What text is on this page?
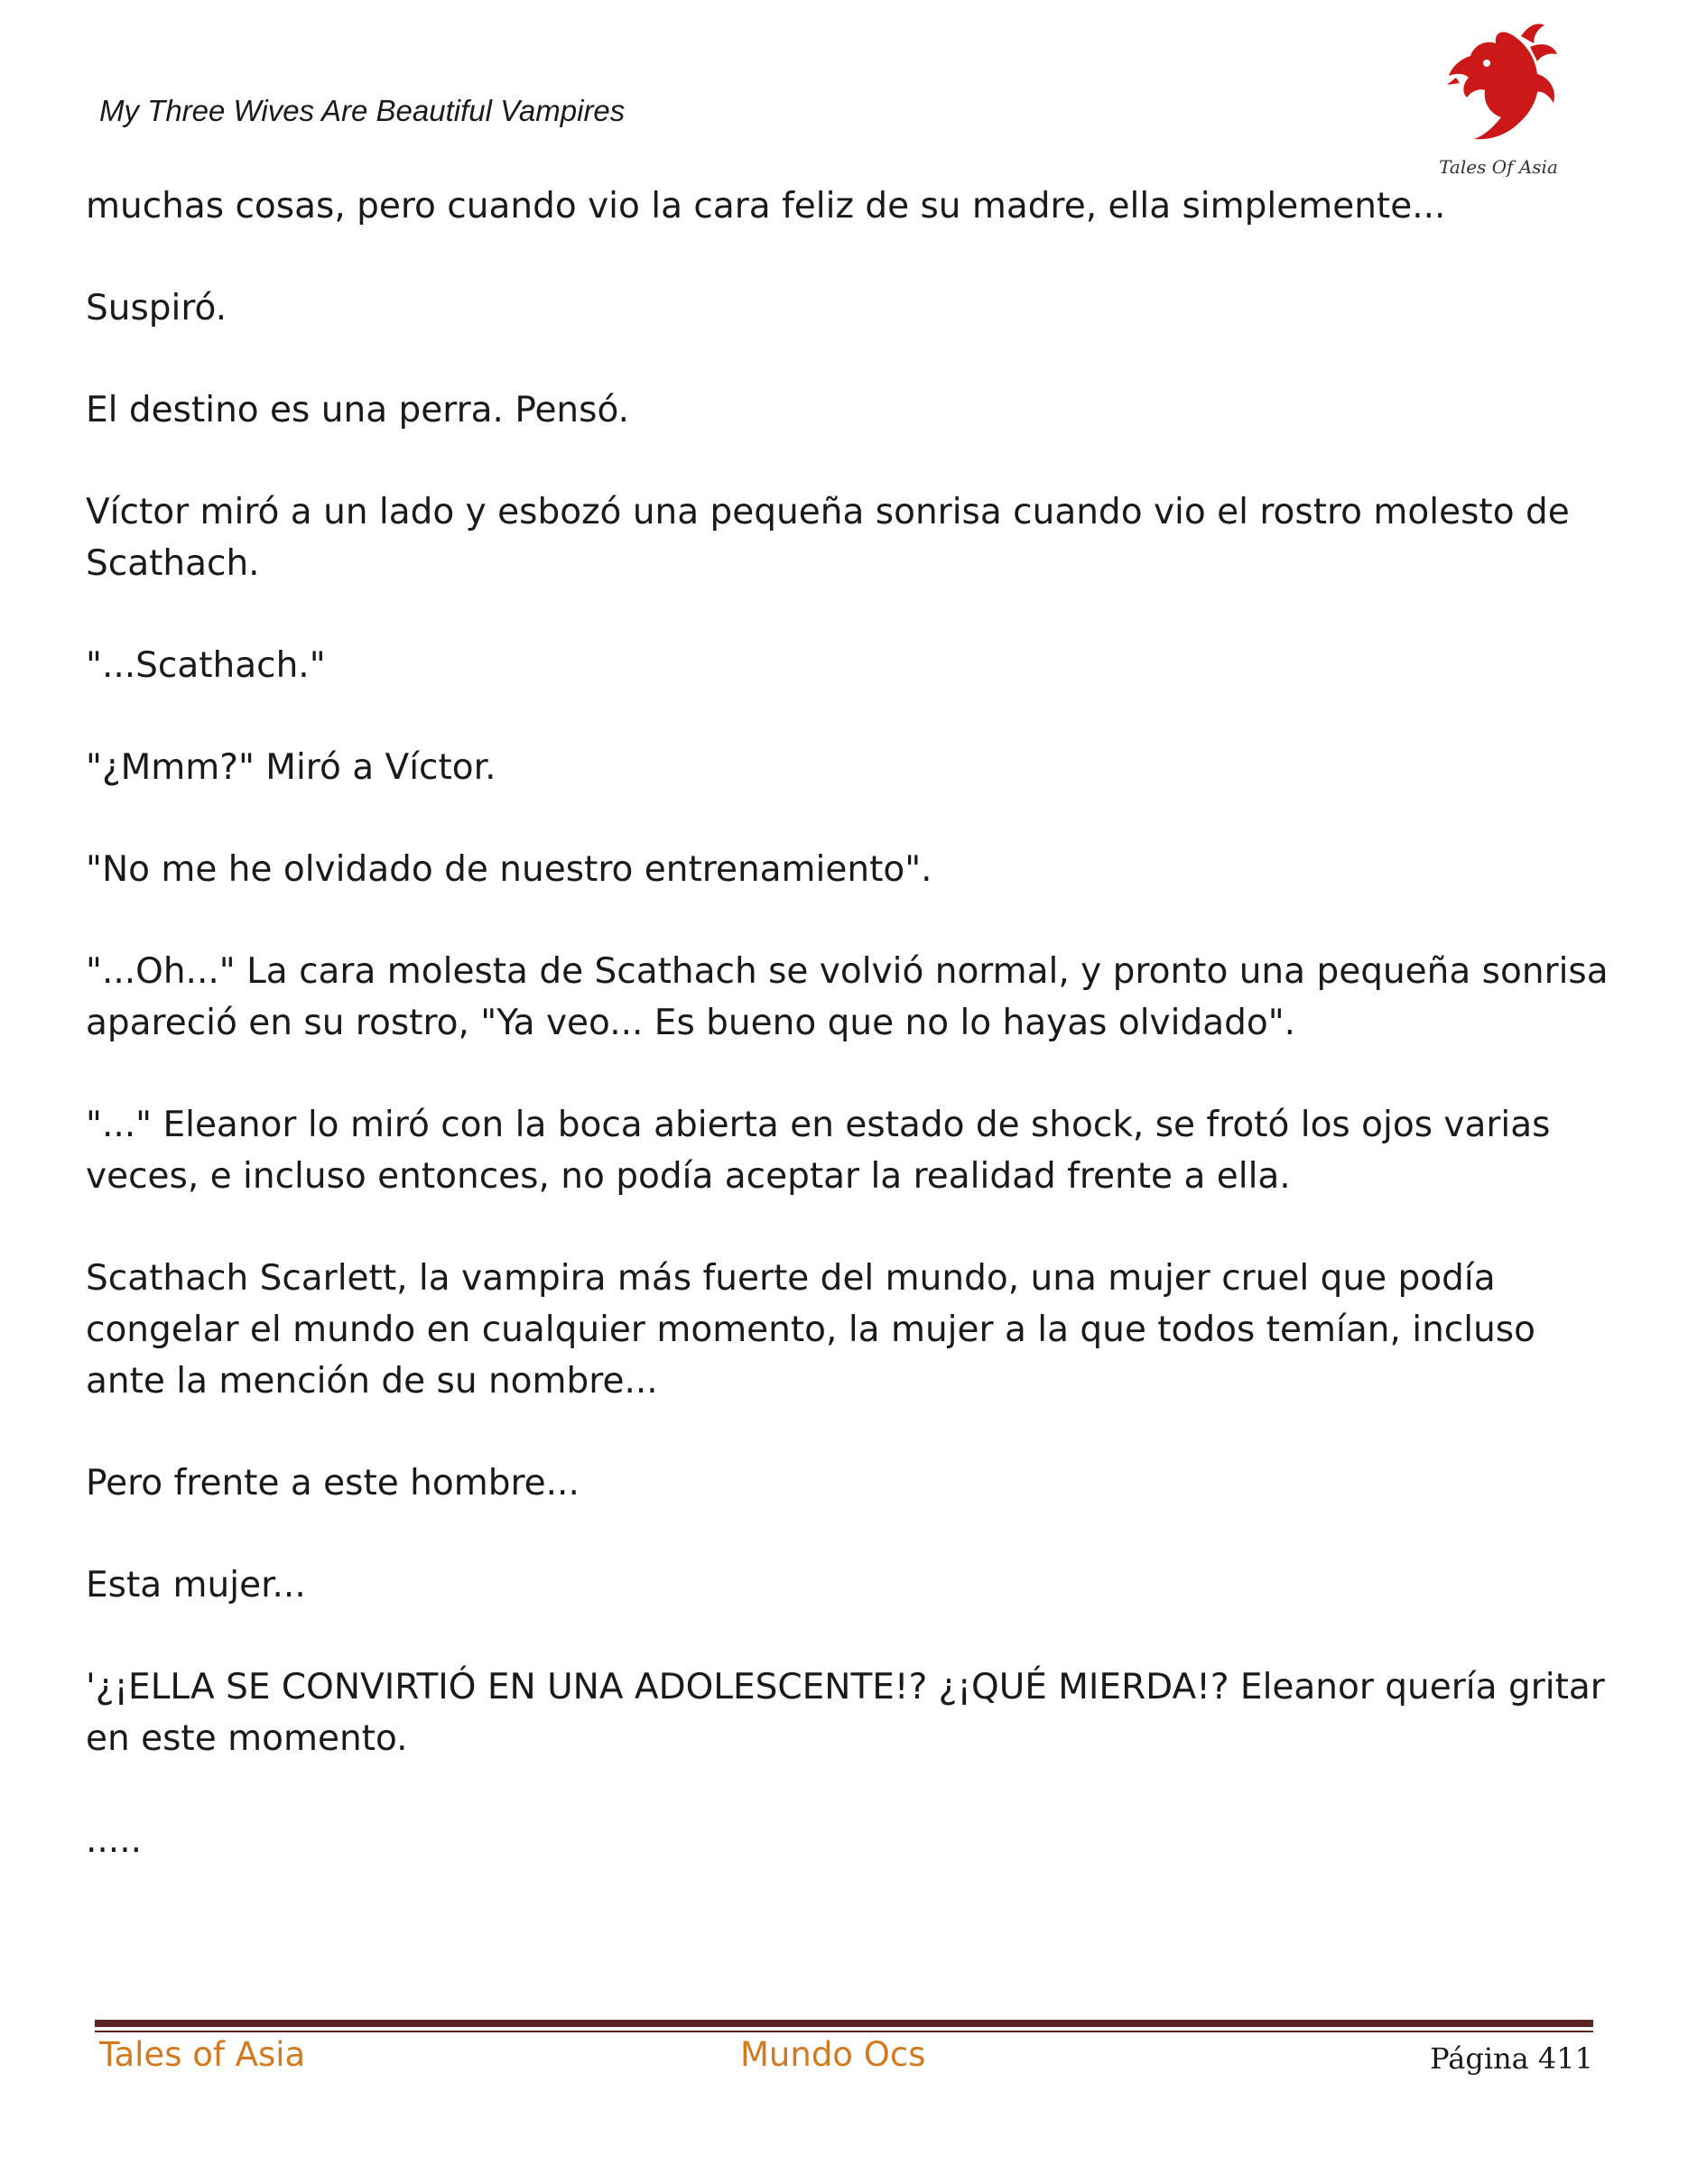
My Three Wives Are Beautiful Vampires
Tales Of Asia

muchas cosas, pero cuando vio la cara feliz de su madre, ella simplemente...

Suspiró.

El destino es una perra. Pensó.

Víctor miró a un lado y esbozó una pequeña sonrisa cuando vio el rostro molesto de Scathach.

"...Scathach."

"¿Mmm?" Miró a Víctor.

"No me he olvidado de nuestro entrenamiento".

"...Oh..." La cara molesta de Scathach se volvió normal, y pronto una pequeña sonrisa apareció en su rostro, "Ya veo... Es bueno que no lo hayas olvidado".

"..." Eleanor lo miró con la boca abierta en estado de shock, se frotó los ojos varias veces, e incluso entonces, no podía aceptar la realidad frente a ella.

Scathach Scarlett, la vampira más fuerte del mundo, una mujer cruel que podía congelar el mundo en cualquier momento, la mujer a la que todos temían, incluso ante la mención de su nombre...

Pero frente a este hombre...

Esta mujer...

'¿¡ELLA SE CONVIRTIÓ EN UNA ADOLESCENTE!? ¿¡QUÉ MIERDA!? Eleanor quería gritar en este momento.

.....

Tales of Asia	Mundo Ocs	Página 411
